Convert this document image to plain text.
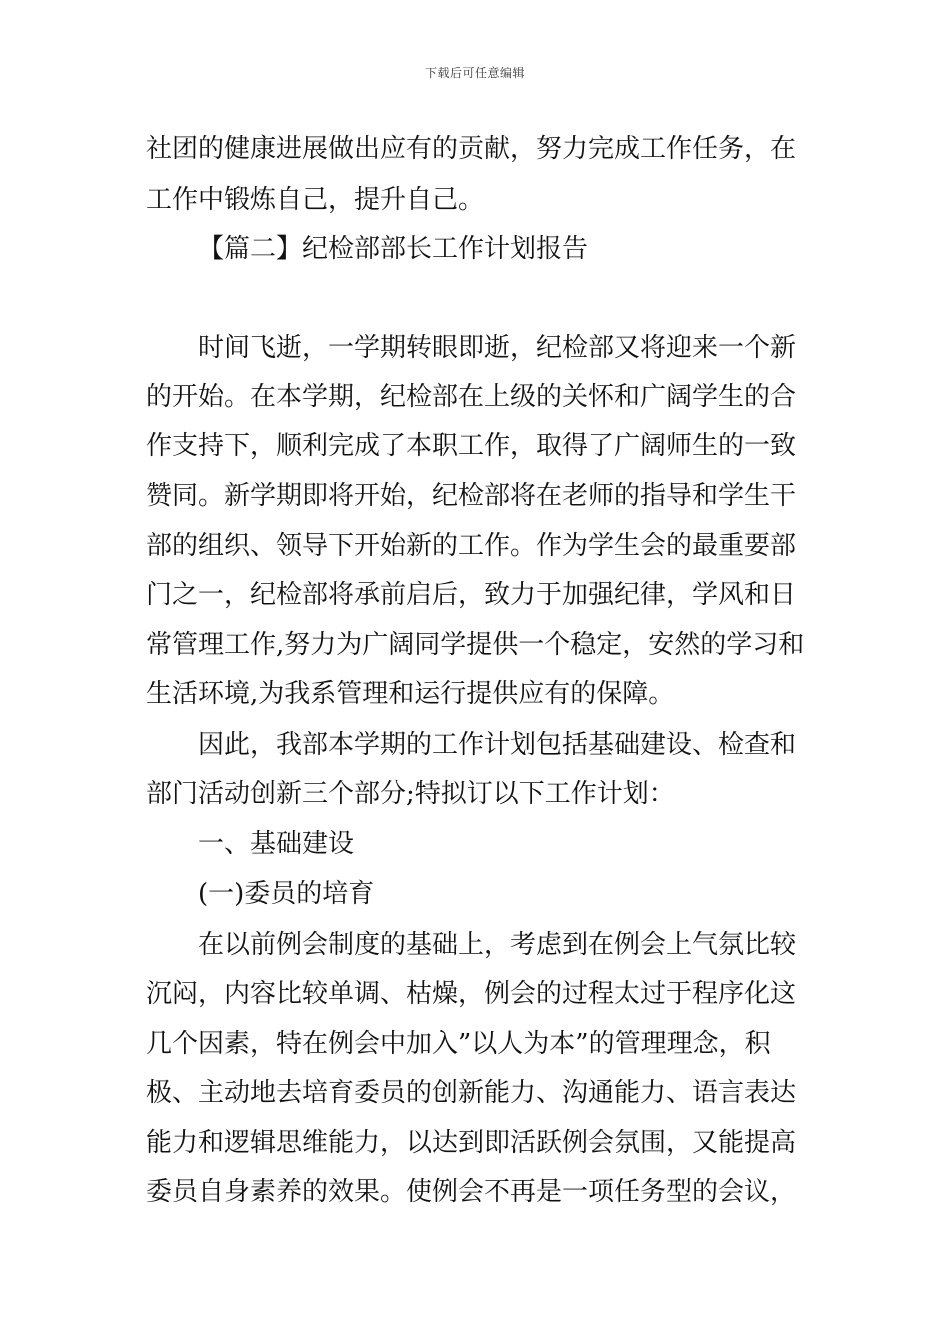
下载后可任意编辑
社团的健康进展做出应有的贡献，努力完成工作任务，在
工作中锻炼自己，提升自己。
【篇二】纪检部部长工作计划报告
时间飞逝，一学期转眼即逝，纪检部又将迎来一个新
的开始。在本学期，纪检部在上级的关怀和广阔学生的合
作支持下，顺利完成了本职工作，取得了广阔师生的一致
赞同。新学期即将开始，纪检部将在老师的指导和学生干
部的组织、领导下开始新的工作。作为学生会的最重要部
门之一，纪检部将承前启后，致力于加强纪律，学风和日
常管理工作,努力为广阔同学提供一个稳定，安然的学习和
生活环境,为我系管理和运行提供应有的保障。
因此，我部本学期的工作计划包括基础建设、检查和
部门活动创新三个部分;特拟订以下工作计划：
一、基础建设
(一)委员的培育
在以前例会制度的基础上，考虑到在例会上气氛比较
沉闷，内容比较单调、枯燥，例会的过程太过于程序化这
几个因素，特在例会中加入”以人为本”的管理理念，积
极、主动地去培育委员的创新能力、沟通能力、语言表达
能力和逻辑思维能力，以达到即活跃例会氛围，又能提高
委员自身素养的效果。使例会不再是一项任务型的会议，
